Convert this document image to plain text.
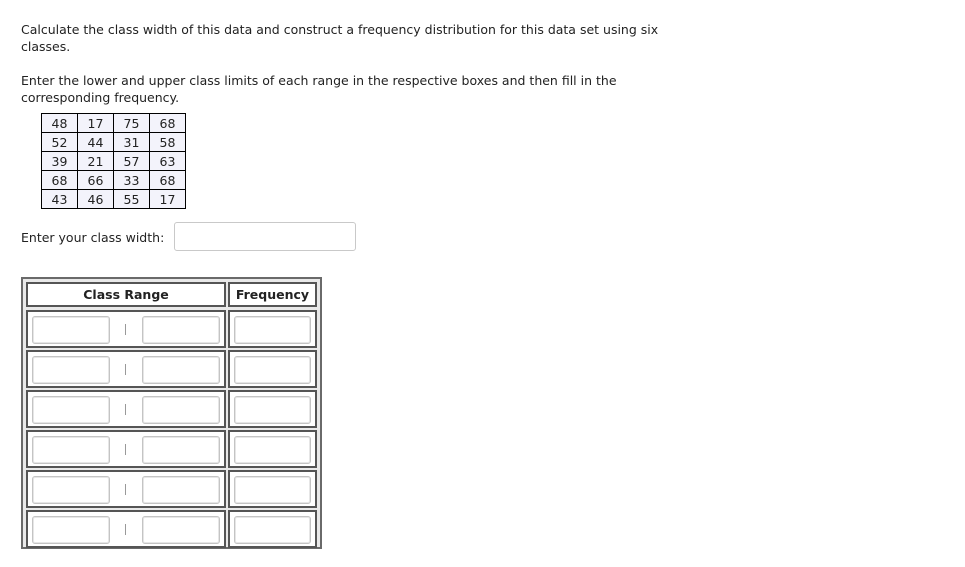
Calculate the class width of this data and construct a frequency distribution for this data set using six classes.

Enter the lower and upper class limits of each range in the respective boxes and then fill in the corresponding frequency.

48	17	75	68
52	44	31	58
39	21	57	63
68	66	33	68
43	46	55	17
Enter your class width:
Class Range	Frequency
